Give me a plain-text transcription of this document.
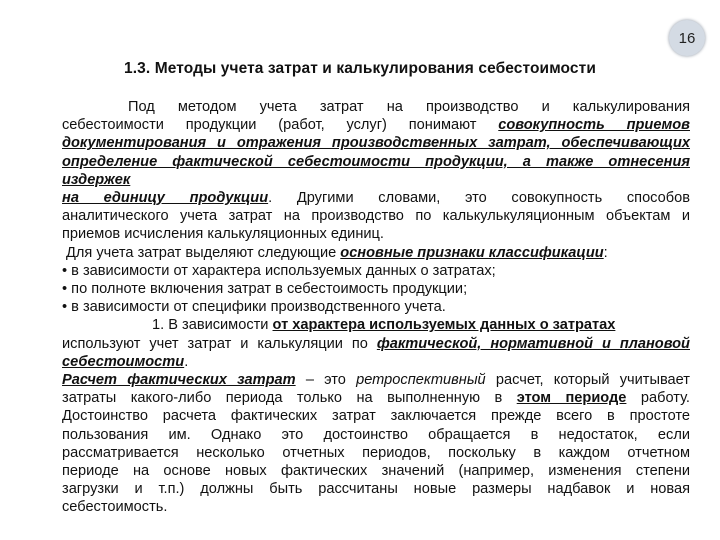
16
1.3. Методы учета затрат и калькулирования себестоимости
Под методом учета затрат на производство и калькулирования
себестоимости продукции (работ, услуг) понимают совокупность приемов
документирования и отражения производственных затрат, обеспечивающих
определение фактической себестоимости продукции, а также отнесения издержек
на единицу продукции. Другими словами, это совокупность способов
аналитического учета затрат на производство по калькулькуляционным объектам и
приемов исчисления калькуляционных единиц.
Для учета затрат выделяют следующие основные признаки классификации:
• в зависимости от характера используемых данных о затратах;
• по полноте включения затрат в себестоимость продукции;
• в зависимости от специфики производственного учета.
1. В зависимости от характера используемых данных о затратах
используют учет затрат и калькуляции по фактической, нормативной и плановой
себестоимости.
Расчет фактических затрат – это ретроспективный расчет, который учитывает
затраты какого-либо периода только на выполненную в этом периоде работу.
Достоинство расчета фактических затрат заключается прежде всего в простоте
пользования им. Однако это достоинство обращается в недостаток, если
рассматривается несколько отчетных периодов, поскольку в каждом отчетном
периоде на основе новых фактических значений (например, изменения степени
загрузки и т.п.) должны быть рассчитаны новые размеры надбавок и новая
себестоимость.
